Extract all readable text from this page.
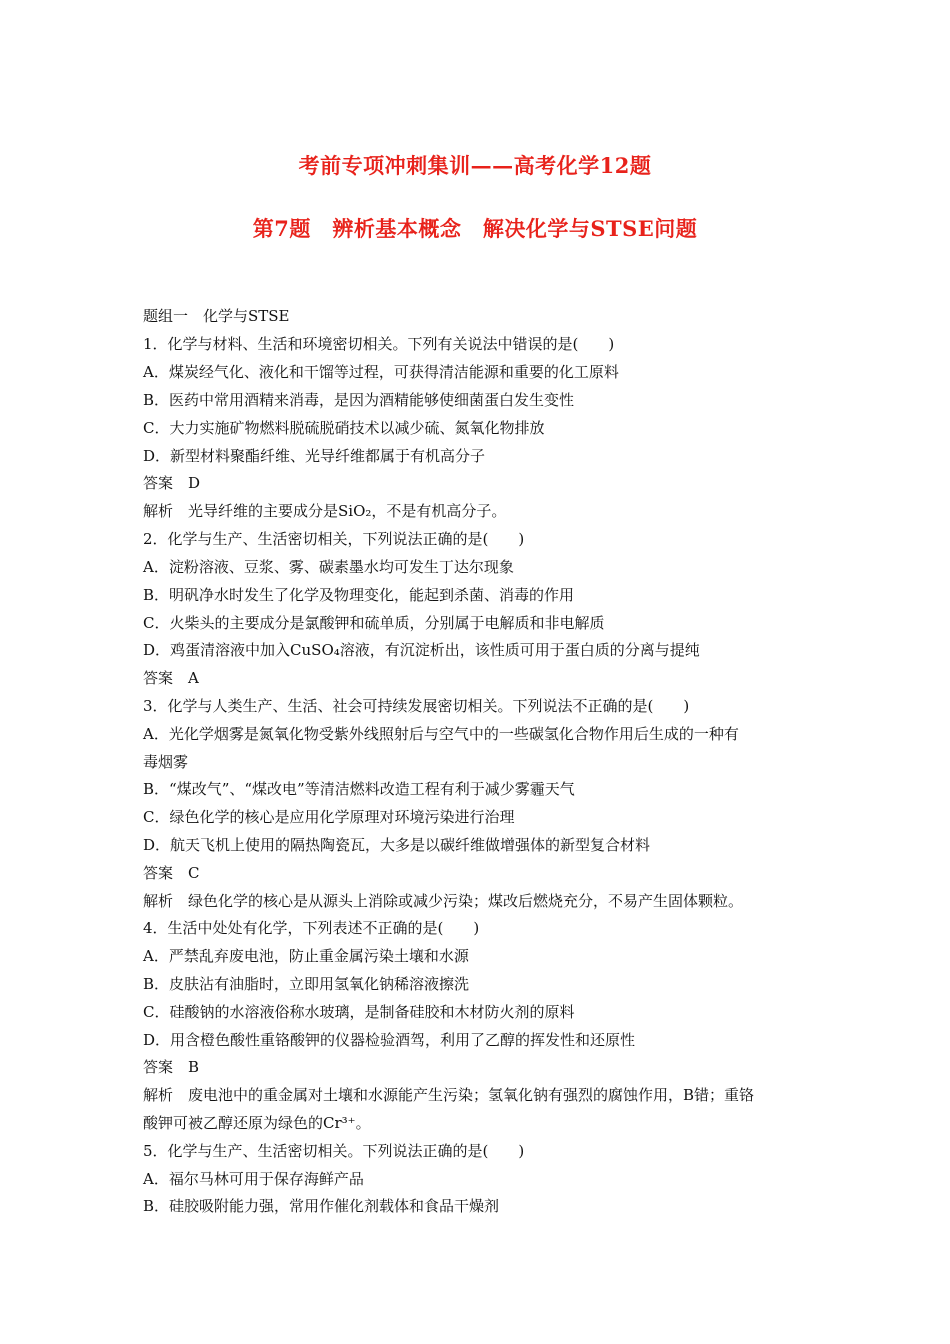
考前专项冲刺集训——高考化学12题
第7题　辨析基本概念　解决化学与STSE问题
题组一　化学与STSE
1．化学与材料、生活和环境密切相关。下列有关说法中错误的是(　　)
A．煤炭经气化、液化和干馏等过程，可获得清洁能源和重要的化工原料
B．医药中常用酒精来消毒，是因为酒精能够使细菌蛋白发生变性
C．大力实施矿物燃料脱硫脱硝技术以减少硫、氮氧化物排放
D．新型材料聚酯纤维、光导纤维都属于有机高分子
答案　D
解析　光导纤维的主要成分是SiO₂，不是有机高分子。
2．化学与生产、生活密切相关，下列说法正确的是(　　)
A．淀粉溶液、豆浆、雾、碳素墨水均可发生丁达尔现象
B．明矾净水时发生了化学及物理变化，能起到杀菌、消毒的作用
C．火柴头的主要成分是氯酸钾和硫单质，分别属于电解质和非电解质
D．鸡蛋清溶液中加入CuSO₄溶液，有沉淀析出，该性质可用于蛋白质的分离与提纯
答案　A
3．化学与人类生产、生活、社会可持续发展密切相关。下列说法不正确的是(　　)
A．光化学烟雾是氮氧化物受紫外线照射后与空气中的一些碳氢化合物作用后生成的一种有
毒烟雾
B．“煤改气”、“煤改电”等清洁燃料改造工程有利于减少雾霾天气
C．绿色化学的核心是应用化学原理对环境污染进行治理
D．航天飞机上使用的隔热陶瓷瓦，大多是以碳纤维做增强体的新型复合材料
答案　C
解析　绿色化学的核心是从源头上消除或减少污染；煤改后燃烧充分，不易产生固体颗粒。
4．生活中处处有化学，下列表述不正确的是(　　)
A．严禁乱弃废电池，防止重金属污染土壤和水源
B．皮肤沾有油脂时，立即用氢氧化钠稀溶液擦洗
C．硅酸钠的水溶液俗称水玻璃，是制备硅胶和木材防火剂的原料
D．用含橙色酸性重铬酸钾的仪器检验酒驾，利用了乙醇的挥发性和还原性
答案　B
解析　废电池中的重金属对土壤和水源能产生污染；氢氧化钠有强烈的腐蚀作用，B错；重铬
酸钾可被乙醇还原为绿色的Cr³⁺。
5．化学与生产、生活密切相关。下列说法正确的是(　　)
A．福尔马林可用于保存海鲜产品
B．硅胶吸附能力强，常用作催化剂载体和食品干燥剂
